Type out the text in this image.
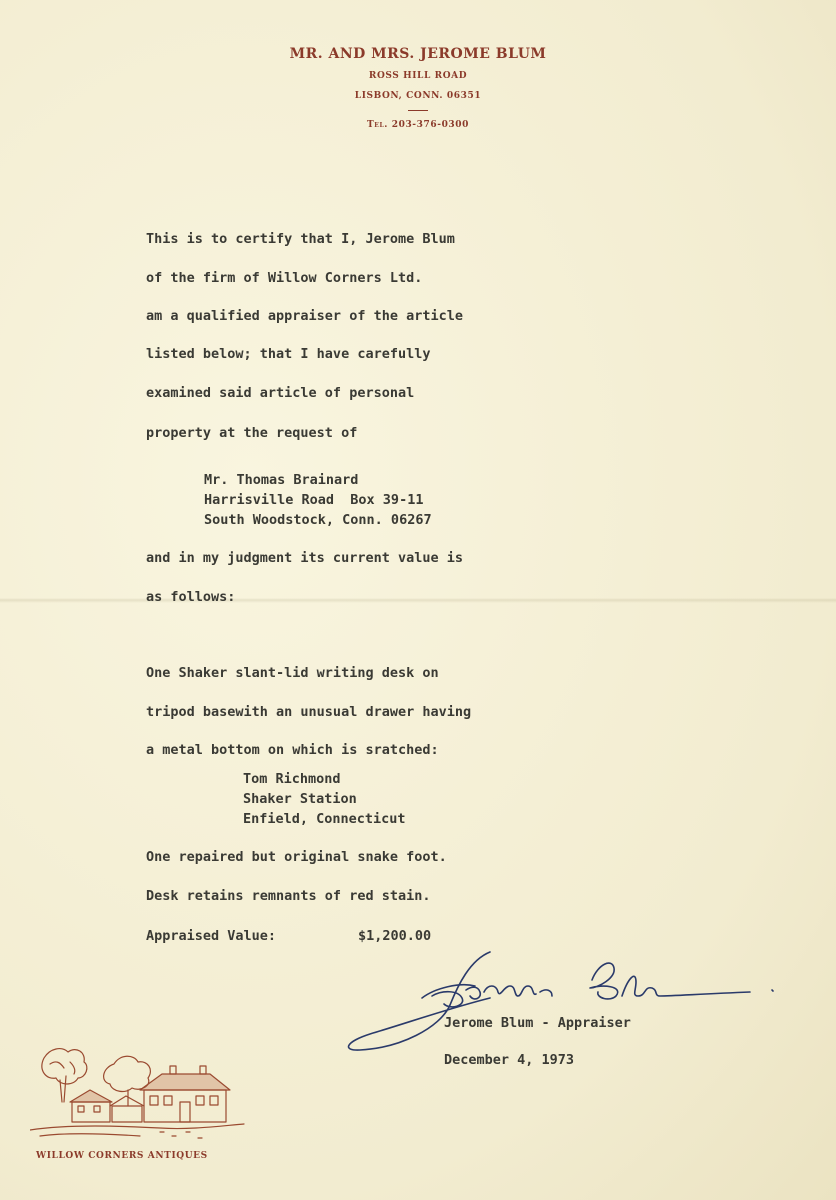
MR. AND MRS. JEROME BLUM
ROSS HILL ROAD
LISBON, CONN. 06351
Tel. 203-376-0300
This is to certify that I, Jerome Blum
of the firm of Willow Corners Ltd.
am a qualified appraiser of the article
listed below; that I have carefully
examined said article of personal
property at the request of
Mr. Thomas Brainard
Harrisville Road  Box 39-11
South Woodstock, Conn. 06267
and in my judgment its current value is
as follows:
One Shaker slant-lid writing desk on
tripod basewith an unusual drawer having
a metal bottom on which is sratched:
Tom Richmond
Shaker Station
Enfield, Connecticut
One repaired but original snake foot.
Desk retains remnants of red stain.
Appraised Value:	$1,200.00
Jerome Blum - Appraiser
December 4, 1973
WILLOW CORNERS ANTIQUES
